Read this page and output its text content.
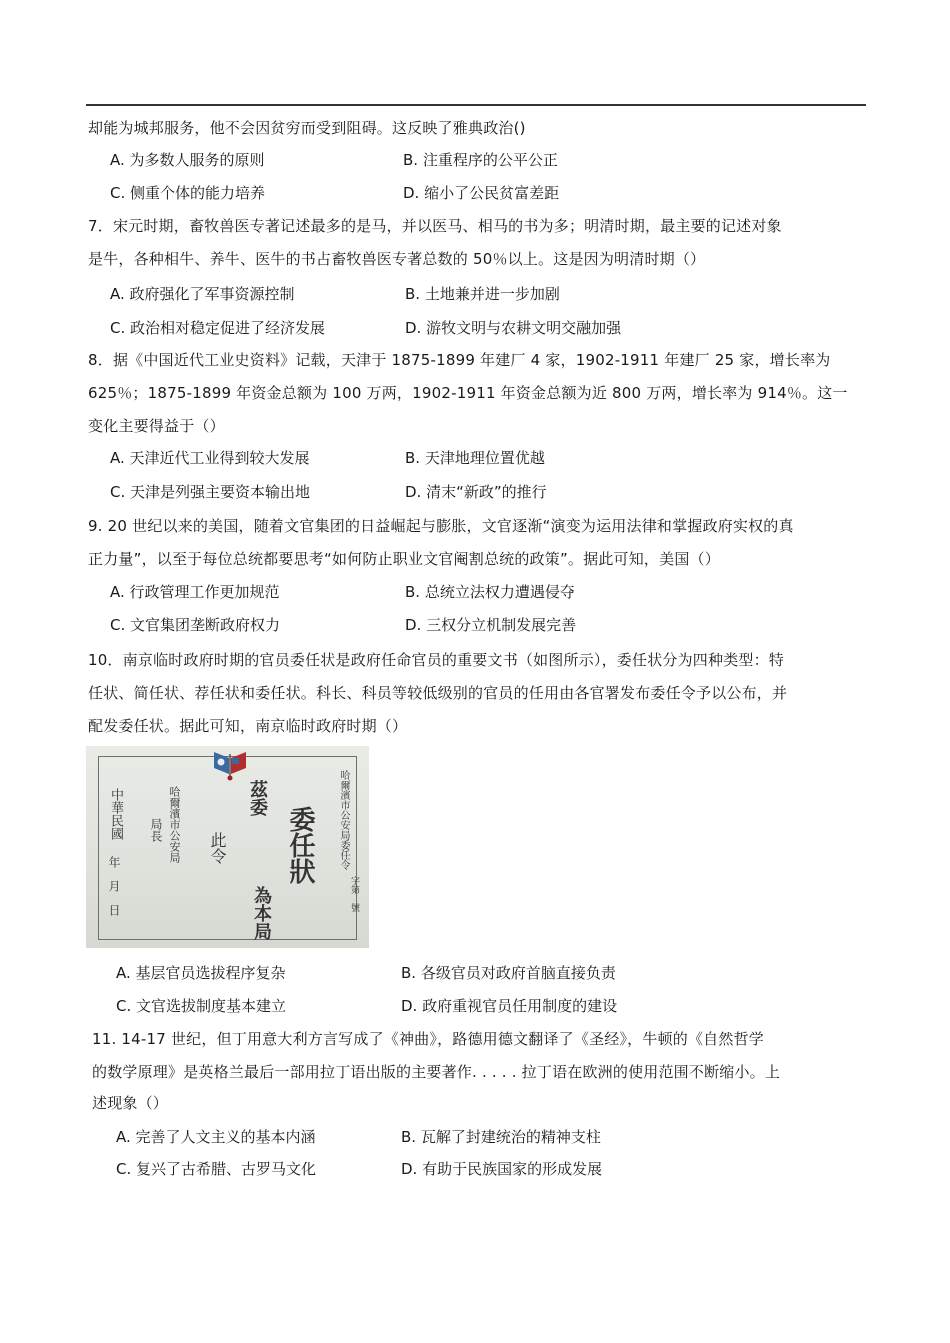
却能为城邦服务，他不会因贫穷而受到阻碍。这反映了雅典政治()
A. 为多数人服务的原则	B. 注重程序的公平公正
C. 侧重个体的能力培养	D. 缩小了公民贫富差距
7．宋元时期，畜牧兽医专著记述最多的是马，并以医马、相马的书为多；明清时期，最主要的记述对象
是牛，各种相牛、养牛、医牛的书占畜牧兽医专著总数的 50％以上。这是因为明清时期（）
A. 政府强化了军事资源控制	B. 土地兼并进一步加剧
C. 政治相对稳定促进了经济发展	D. 游牧文明与农耕文明交融加强
8．据《中国近代工业史资料》记载，天津于 1875-1899 年建厂 4 家，1902-1911 年建厂 25 家，增长率为
625％；1875-1899 年资金总额为 100 万两，1902-1911 年资金总额为近 800 万两，增长率为 914％。这一
变化主要得益于（）
A. 天津近代工业得到较大发展	B. 天津地理位置优越
C. 天津是列强主要资本输出地	D. 清末“新政”的推行
9. 20 世纪以来的美国，随着文官集团的日益崛起与膨胀，文官逐渐“演变为运用法律和掌握政府实权的真
正力量”，以至于每位总统都要思考“如何防止职业文官阉割总统的政策”。据此可知，美国（）
A. 行政管理工作更加规范	B. 总统立法权力遭遇侵夺
C. 文官集团垄断政府权力	D. 三权分立机制发展完善
10．南京临时政府时期的官员委任状是政府任命官员的重要文书（如图所示），委任状分为四种类型：特
任状、简任状、荐任状和委任状。科长、科员等较低级别的官员的任用由各官署发布委任令予以公布，并
配发委任状。据此可知，南京临时政府时期（）
中華民國
年　月　日
哈爾濱市公安局
局長
此令
茲委
委任狀
為本局
哈爾濱市公安局委任令
字第　號
A. 基层官员选拔程序复杂	B. 各级官员对政府首脑直接负责
C. 文官选拔制度基本建立	D. 政府重视官员任用制度的建设
11. 14-17 世纪，但丁用意大利方言写成了《神曲》，路德用德文翻译了《圣经》，牛顿的《自然哲学
的数学原理》是英格兰最后一部用拉丁语出版的主要著作. . . . . 拉丁语在欧洲的使用范围不断缩小。上
述现象（）
A. 完善了人文主义的基本内涵	B. 瓦解了封建统治的精神支柱
C. 复兴了古希腊、古罗马文化	D. 有助于民族国家的形成发展
